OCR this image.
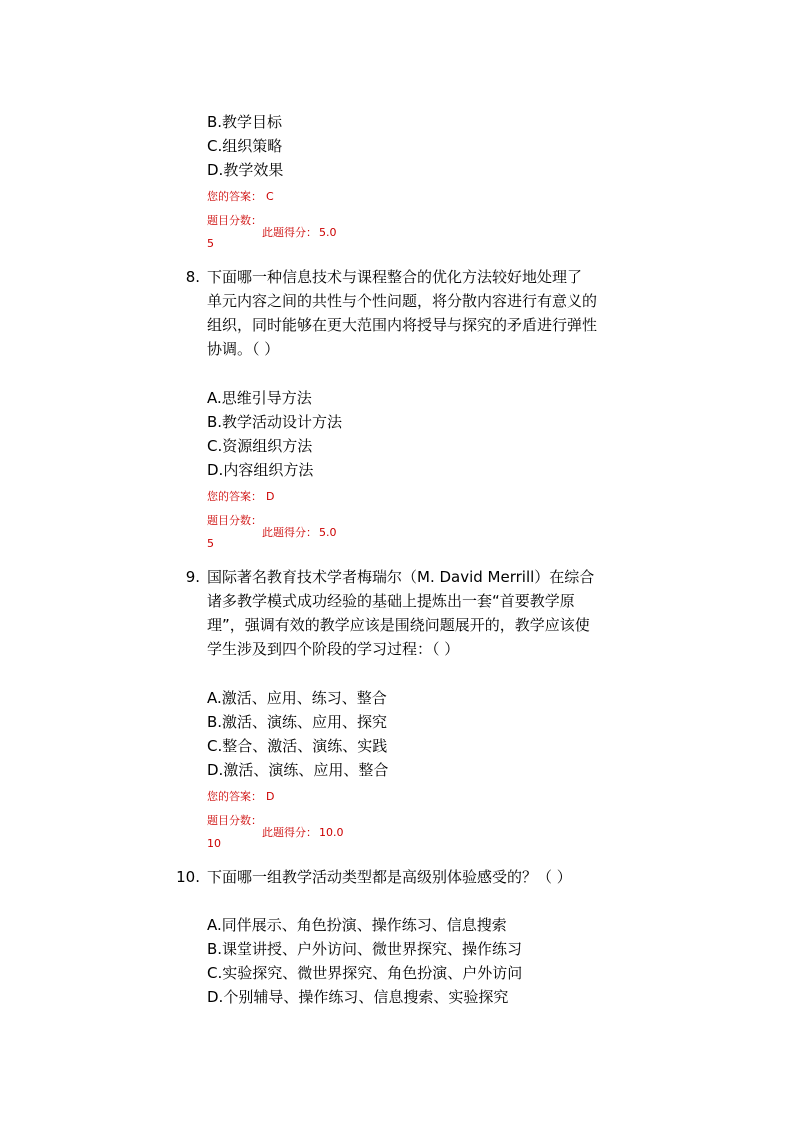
B.教学目标
C.组织策略
D.教学效果
您的答案： C
题目分数：
此题得分： 5.0
5
8. 下面哪一种信息技术与课程整合的优化方法较好地处理了
单元内容之间的共性与个性问题，将分散内容进行有意义的
组织，同时能够在更大范围内将授导与探究的矛盾进行弹性
协调。（ ）
A.思维引导方法
B.教学活动设计方法
C.资源组织方法
D.内容组织方法
您的答案： D
题目分数：
此题得分： 5.0
5
9. 国际著名教育技术学者梅瑞尔（M. David Merrill）在综合
诸多教学模式成功经验的基础上提炼出一套“首要教学原
理”，强调有效的教学应该是围绕问题展开的，教学应该使
学生涉及到四个阶段的学习过程：（ ）
A.激活、应用、练习、整合
B.激活、演练、应用、探究
C.整合、激活、演练、实践
D.激活、演练、应用、整合
您的答案： D
题目分数：
此题得分： 10.0
10
10. 下面哪一组教学活动类型都是高级别体验感受的？（ ）
A.同伴展示、角色扮演、操作练习、信息搜索
B.课堂讲授、户外访问、微世界探究、操作练习
C.实验探究、微世界探究、角色扮演、户外访问
D.个别辅导、操作练习、信息搜索、实验探究
